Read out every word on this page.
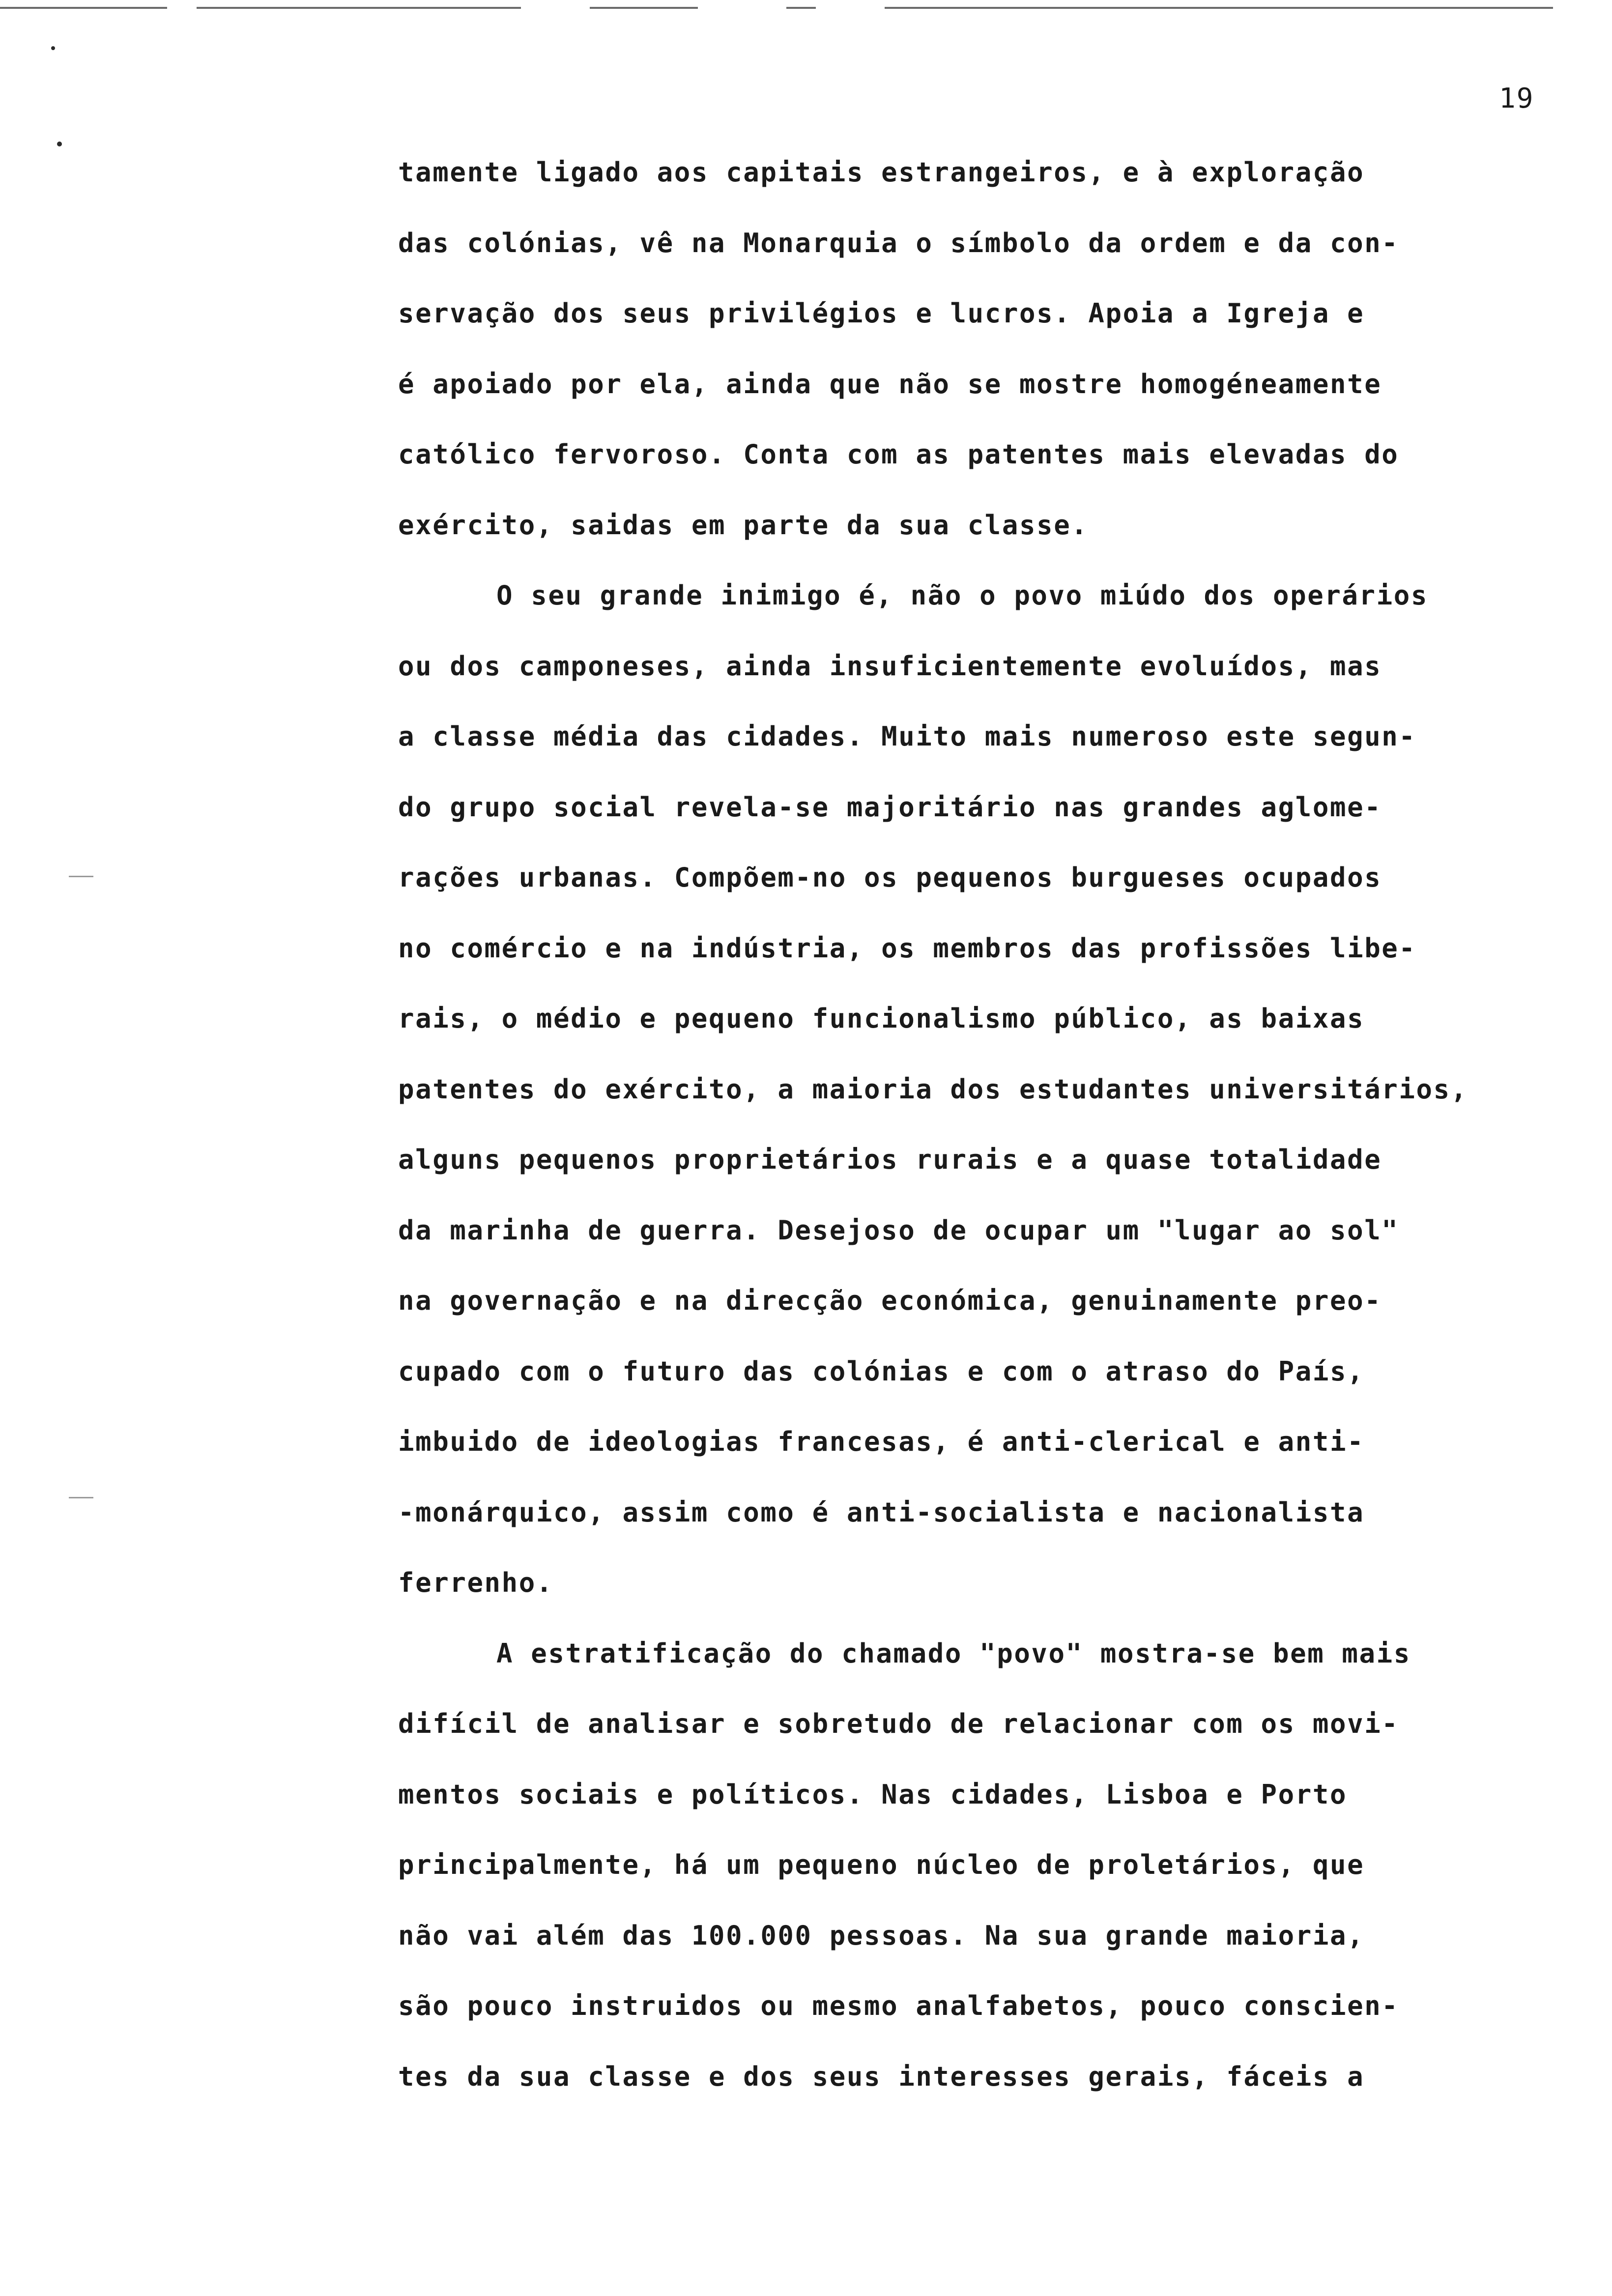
19
tamente ligado aos capitais estrangeiros, e à exploração
das colónias, vê na Monarquia o símbolo da ordem e da con-
servação dos seus privilégios e lucros. Apoia a Igreja e
é apoiado por ela, ainda que não se mostre homogéneamente
católico fervoroso. Conta com as patentes mais elevadas do
exército, saidas em parte da sua classe.
O seu grande inimigo é, não o povo miúdo dos operários
ou dos camponeses, ainda insuficientemente evoluídos, mas
a classe média das cidades. Muito mais numeroso este segun-
do grupo social revela-se majoritário nas grandes aglome-
rações urbanas. Compõem-no os pequenos burgueses ocupados
no comércio e na indústria, os membros das profissões libe-
rais, o médio e pequeno funcionalismo público, as baixas
patentes do exército, a maioria dos estudantes universitários,
alguns pequenos proprietários rurais e a quase totalidade
da marinha de guerra. Desejoso de ocupar um "lugar ao sol"
na governação e na direcção económica, genuinamente preo-
cupado com o futuro das colónias e com o atraso do País,
imbuido de ideologias francesas, é anti-clerical e anti-
-monárquico, assim como é anti-socialista e nacionalista
ferrenho.
A estratificação do chamado "povo" mostra-se bem mais
difícil de analisar e sobretudo de relacionar com os movi-
mentos sociais e políticos. Nas cidades, Lisboa e Porto
principalmente, há um pequeno núcleo de proletários, que
não vai além das 100.000 pessoas. Na sua grande maioria,
são pouco instruidos ou mesmo analfabetos, pouco conscien-
tes da sua classe e dos seus interesses gerais, fáceis a
